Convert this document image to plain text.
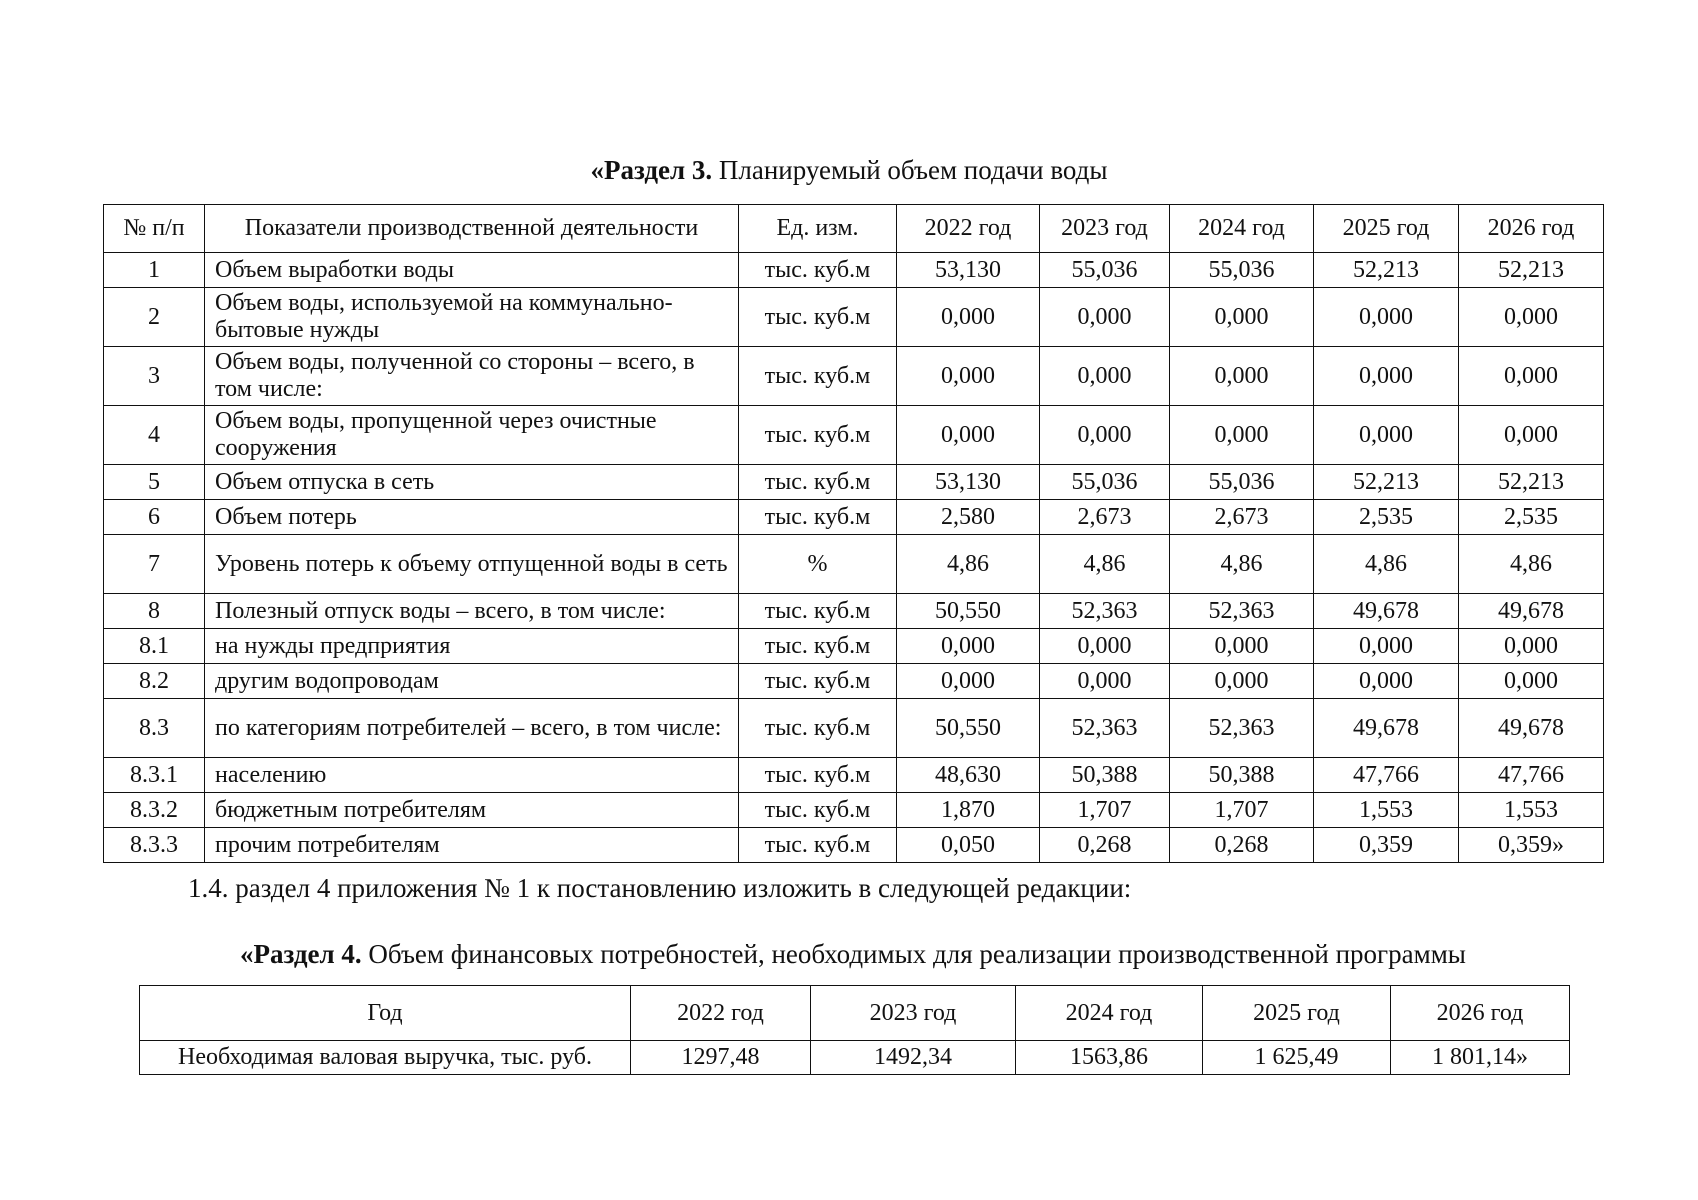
«Раздел 3. Планируемый объем подачи воды

№ п/п	Показатели производственной деятельности	Ед. изм.	2022 год	2023 год	2024 год	2025 год	2026 год
1	Объем выработки воды	тыс. куб.м	53,130	55,036	55,036	52,213	52,213
2	Объем воды, используемой на коммунально-бытовые нужды	тыс. куб.м	0,000	0,000	0,000	0,000	0,000
3	Объем воды, полученной со стороны – всего, в том числе:	тыс. куб.м	0,000	0,000	0,000	0,000	0,000
4	Объем воды, пропущенной через очистные сооружения	тыс. куб.м	0,000	0,000	0,000	0,000	0,000
5	Объем отпуска в сеть	тыс. куб.м	53,130	55,036	55,036	52,213	52,213
6	Объем потерь	тыс. куб.м	2,580	2,673	2,673	2,535	2,535
7	Уровень потерь к объему отпущенной воды в сеть	%	4,86	4,86	4,86	4,86	4,86
8	Полезный отпуск воды – всего, в том числе:	тыс. куб.м	50,550	52,363	52,363	49,678	49,678
8.1	на нужды предприятия	тыс. куб.м	0,000	0,000	0,000	0,000	0,000
8.2	другим водопроводам	тыс. куб.м	0,000	0,000	0,000	0,000	0,000
8.3	по категориям потребителей – всего, в том числе:	тыс. куб.м	50,550	52,363	52,363	49,678	49,678
8.3.1	населению	тыс. куб.м	48,630	50,388	50,388	47,766	47,766
8.3.2	бюджетным потребителям	тыс. куб.м	1,870	1,707	1,707	1,553	1,553
8.3.3	прочим потребителям	тыс. куб.м	0,050	0,268	0,268	0,359	0,359»

1.4. раздел 4 приложения № 1 к постановлению изложить в следующей редакции:

«Раздел 4. Объем финансовых потребностей, необходимых для реализации производственной программы

Год	2022 год	2023 год	2024 год	2025 год	2026 год
Необходимая валовая выручка, тыс. руб.	1297,48	1492,34	1563,86	1 625,49	1 801,14»
